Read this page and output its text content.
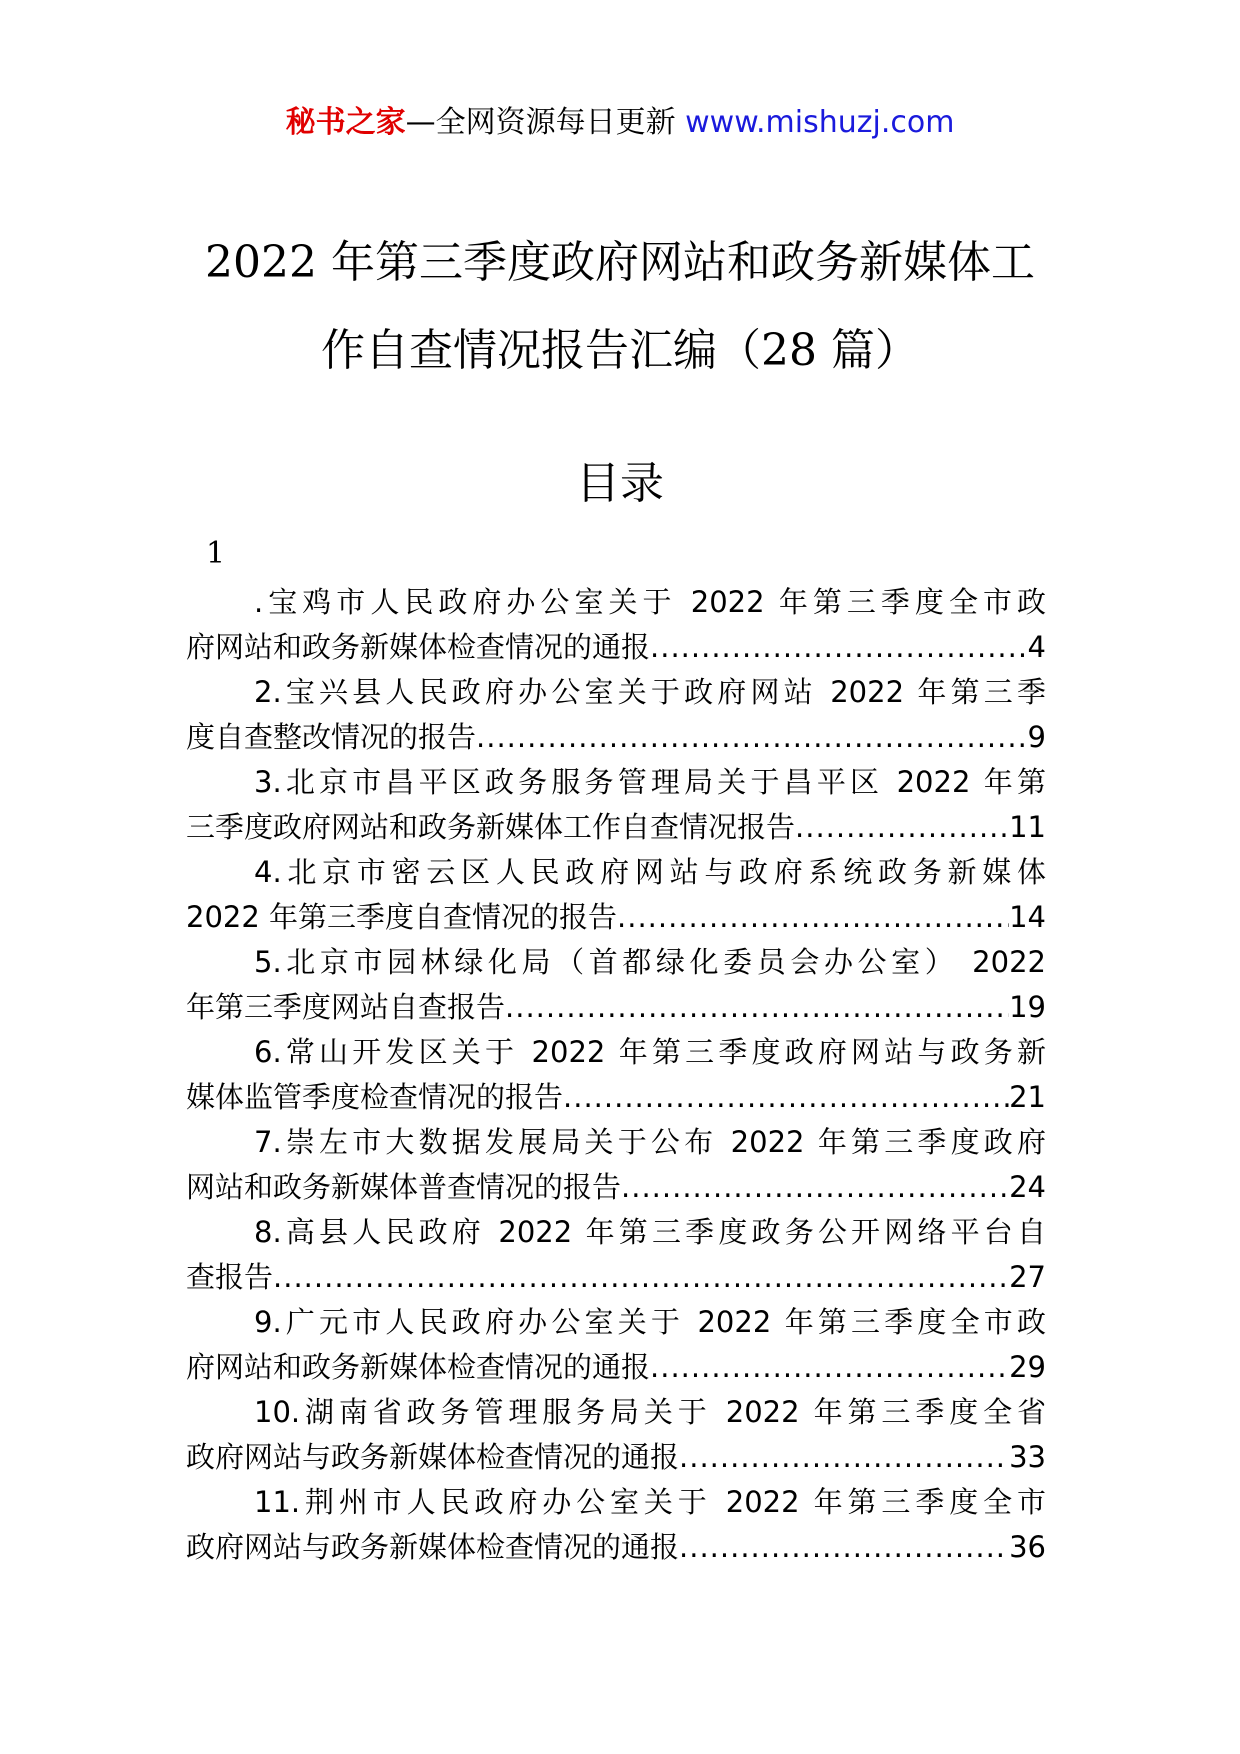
秘书之家—全网资源每日更新 www.mishuzj.com
2022 年第三季度政府网站和政务新媒体工
作自查情况报告汇编（28 篇）
目录
1
.宝鸡市人民政府办公室关于 2022 年第三季度全市政
府网站和政务新媒体检查情况的通报 .....	4
2.宝兴县人民政府办公室关于政府网站 2022 年第三季
度自查整改情况的报告 .....	9
3.北京市昌平区政务服务管理局关于昌平区 2022 年第
三季度政府网站和政务新媒体工作自查情况报告 .....	11
4.北京市密云区人民政府网站与政府系统政务新媒体
2022 年第三季度自查情况的报告 .....	14
5.北京市园林绿化局（首都绿化委员会办公室） 2022
年第三季度网站自查报告 .....	19
6.常山开发区关于 2022 年第三季度政府网站与政务新
媒体监管季度检查情况的报告 .....	21
7.崇左市大数据发展局关于公布 2022 年第三季度政府
网站和政务新媒体普查情况的报告 .....	24
8.高县人民政府 2022 年第三季度政务公开网络平台自
查报告 .....	27
9.广元市人民政府办公室关于 2022 年第三季度全市政
府网站和政务新媒体检查情况的通报 .....	29
10.湖南省政务管理服务局关于 2022 年第三季度全省
政府网站与政务新媒体检查情况的通报 .....	33
11.荆州市人民政府办公室关于 2022 年第三季度全市
政府网站与政务新媒体检查情况的通报 .....	36
